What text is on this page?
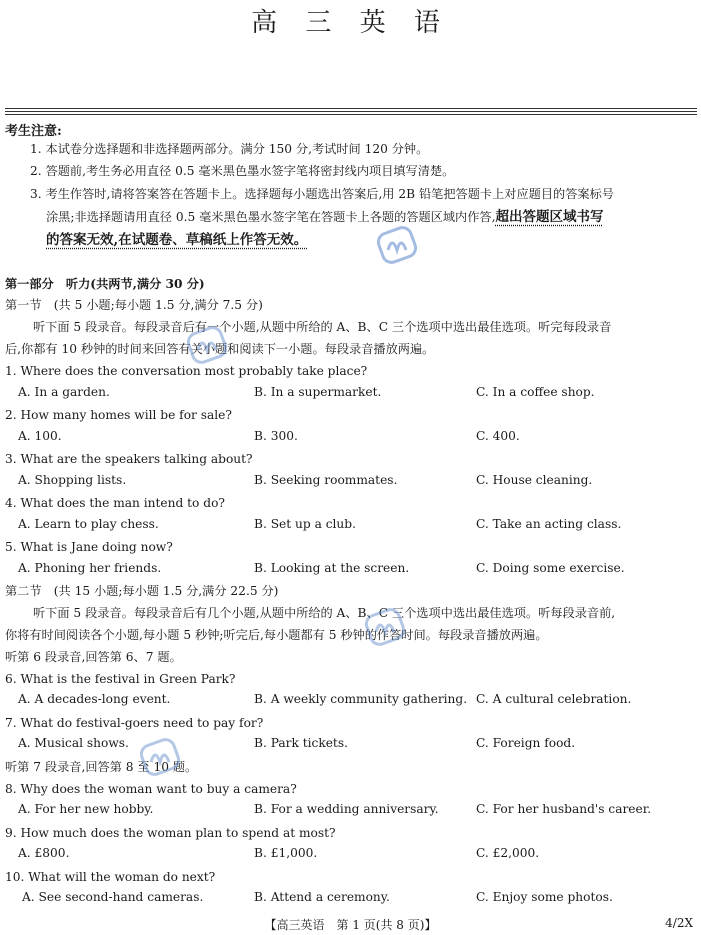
高 三 英 语
考生注意:
1. 本试卷分选择题和非选择题两部分。满分 150 分,考试时间 120 分钟。
2. 答题前,考生务必用直径 0.5 毫米黑色墨水签字笔将密封线内项目填写清楚。
3. 考生作答时,请将答案答在答题卡上。选择题每小题选出答案后,用 2B 铅笔把答题卡上对应题目的答案标号
涂黑;非选择题请用直径 0.5 毫米黑色墨水签字笔在答题卡上各题的答题区域内作答,超出答题区域书写
的答案无效,在试题卷、草稿纸上作答无效。
第一部分　听力(共两节,满分 30 分)
第一节　(共 5 小题;每小题 1.5 分,满分 7.5 分)
听下面 5 段录音。每段录音后有一个小题,从题中所给的 A、B、C 三个选项中选出最佳选项。听完每段录音
后,你都有 10 秒钟的时间来回答有关小题和阅读下一小题。每段录音播放两遍。
1. Where does the conversation most probably take place?
A. In a garden.	B. In a supermarket.	C. In a coffee shop.
2. How many homes will be for sale?
A. 100.	B. 300.	C. 400.
3. What are the speakers talking about?
A. Shopping lists.	B. Seeking roommates.	C. House cleaning.
4. What does the man intend to do?
A. Learn to play chess.	B. Set up a club.	C. Take an acting class.
5. What is Jane doing now?
A. Phoning her friends.	B. Looking at the screen.	C. Doing some exercise.
第二节　(共 15 小题;每小题 1.5 分,满分 22.5 分)
听下面 5 段录音。每段录音后有几个小题,从题中所给的 A、B、C 三个选项中选出最佳选项。听每段录音前,
你将有时间阅读各个小题,每小题 5 秒钟;听完后,每小题都有 5 秒钟的作答时间。每段录音播放两遍。
听第 6 段录音,回答第 6、7 题。
6. What is the festival in Green Park?
A. A decades-long event.	B. A weekly community gathering. C. A cultural celebration.
7. What do festival-goers need to pay for?
A. Musical shows.	B. Park tickets.	C. Foreign food.
听第 7 段录音,回答第 8 至 10 题。
8. Why does the woman want to buy a camera?
A. For her new hobby.	B. For a wedding anniversary.	C. For her husband's career.
9. How much does the woman plan to spend at most?
A. £800.	B. £1,000.	C. £2,000.
10. What will the woman do next?
A. See second-hand cameras.	B. Attend a ceremony.	C. Enjoy some photos.
【高三英语　第 1 页(共 8 页)】	4/2X
